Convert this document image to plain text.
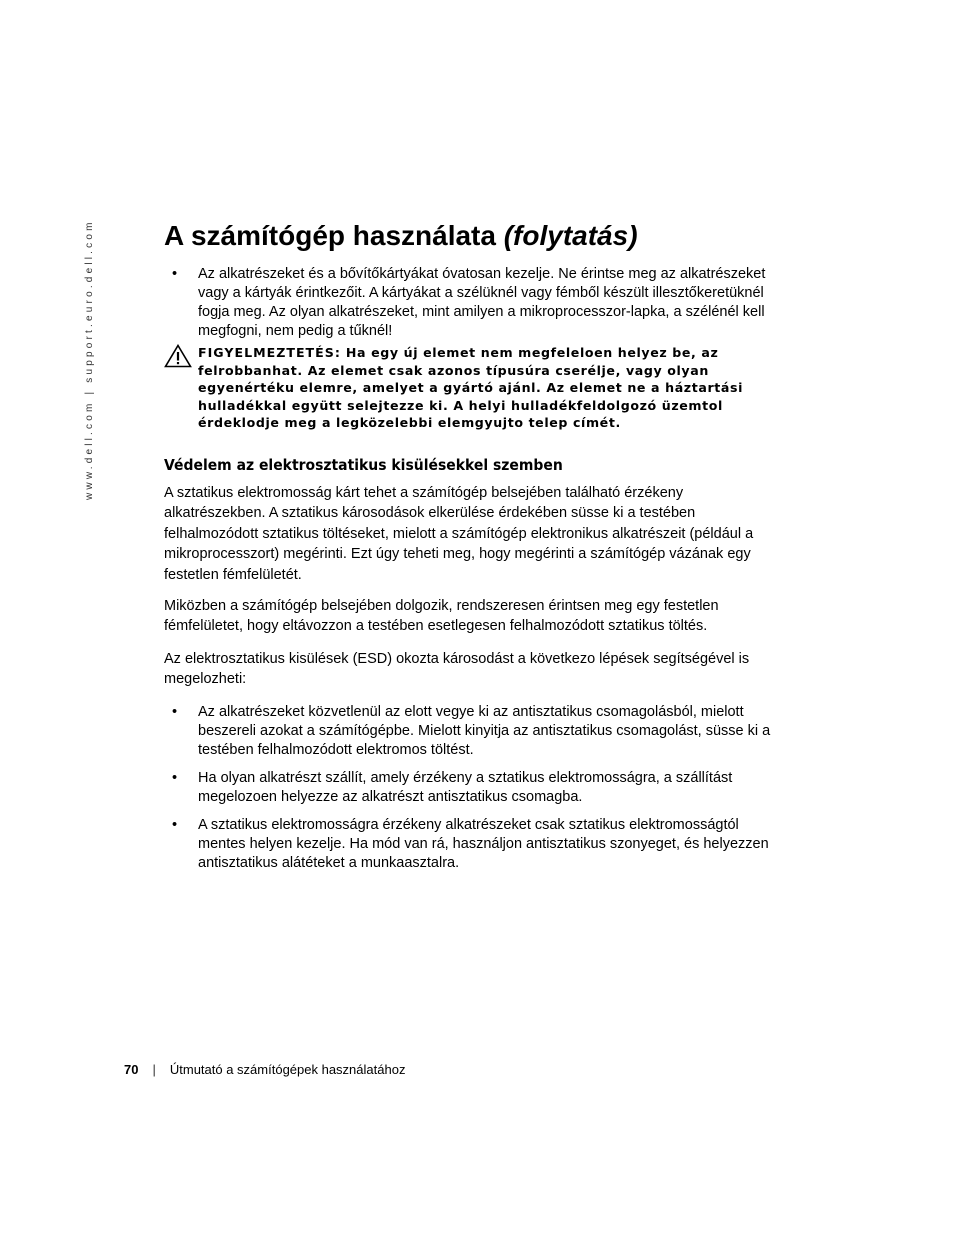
www.dell.com | support.euro.dell.com A számítógép használata (folytatás)
• Az alkatrészeket és a bővítőkártyákat óvatosan kezelje. Ne érintse meg az alkatrészeket vagy a kártyák érintkezőit. A kártyákat a szélüknél vagy fémből készült illesztőkeretüknél fogja meg. Az olyan alkatrészeket, mint amilyen a mikroprocesszor-lapka, a szélénél kell megfogni, nem pedig a tűknél!

FIGYELMEZTETÉS: Ha egy új elemet nem megfeleloen helyez be, az felrobbanhat. Az elemet csak azonos típusúra cserélje, vagy olyan egyenértéku elemre, amelyet a gyártó ajánl. Az elemet ne a háztartási hulladékkal együtt selejtezze ki. A helyi hulladékfeldolgozó üzemtol érdeklodje meg a legközelebbi elemgyujto telep címét.

Védelem az elektrosztatikus kisülésekkel szemben

A sztatikus elektromosság kárt tehet a számítógép belsejében található érzékeny alkatrészekben. A sztatikus károsodások elkerülése érdekében süsse ki a testében felhalmozódott sztatikus töltéseket, mielott a számítógép elektronikus alkatrészeit (például a mikroprocesszort) megérinti. Ezt úgy teheti meg, hogy megérinti a számítógép vázának egy festetlen fémfelületét.

Miközben a számítógép belsejében dolgozik, rendszeresen érintsen meg egy festetlen fémfelületet, hogy eltávozzon a testében esetlegesen felhalmozódott sztatikus töltés.

Az elektrosztatikus kisülések (ESD) okozta károsodást a következo lépések segítségével is megelozheti:

• Az alkatrészeket közvetlenül az elott vegye ki az antisztatikus csomagolásból, mielott beszereli azokat a számítógépbe. Mielott kinyitja az antisztatikus csomagolást, süsse ki a testében felhalmozódott elektromos töltést.
• Ha olyan alkatrészt szállít, amely érzékeny a sztatikus elektromosságra, a szállítást megelozoen helyezze az alkatrészt antisztatikus csomagba.
• A sztatikus elektromosságra érzékeny alkatrészeket csak sztatikus elektromosságtól mentes helyen kezelje. Ha mód van rá, használjon antisztatikus szonyeget, és helyezzen antisztatikus alátéteket a munkaasztalra.
70 | Útmutató a számítógépek használatához
